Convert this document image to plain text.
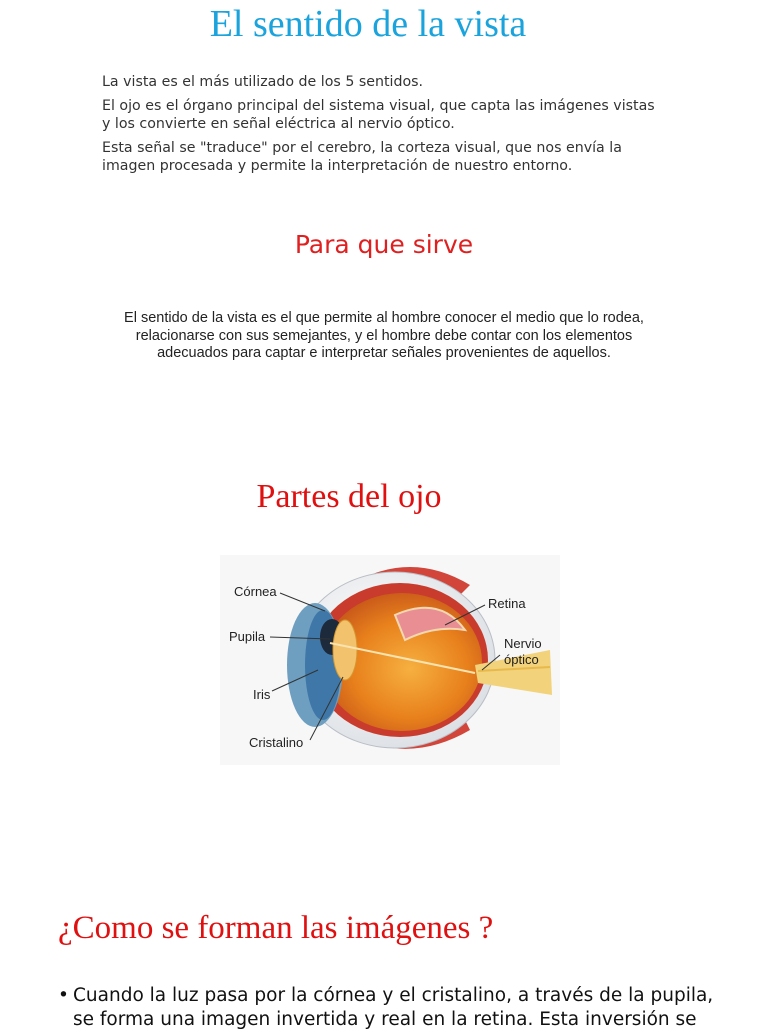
El sentido de la vista

La vista es el más utilizado de los 5 sentidos.

El ojo es el órgano principal del sistema visual, que capta las imágenes vistas y los convierte en señal eléctrica al nervio óptico.

Esta señal se "traduce" por el cerebro, la corteza visual, que nos envía la imagen procesada y permite la interpretación de nuestro entorno.

Para que sirve
El sentido de la vista es el que permite al hombre conocer el medio que lo rodea, relacionarse con sus semejantes, y el hombre debe contar con los elementos adecuados para captar e interpretar señales provenientes de aquellos.
Partes del ojo
Córnea
Pupila
Iris
Cristalino
Retina
Nervio
óptico
¿Como se forman las imágenes ?
• Cuando la luz pasa por la córnea y el cristalino, a través de la pupila, se forma una imagen invertida y real en la retina. Esta inversión se
